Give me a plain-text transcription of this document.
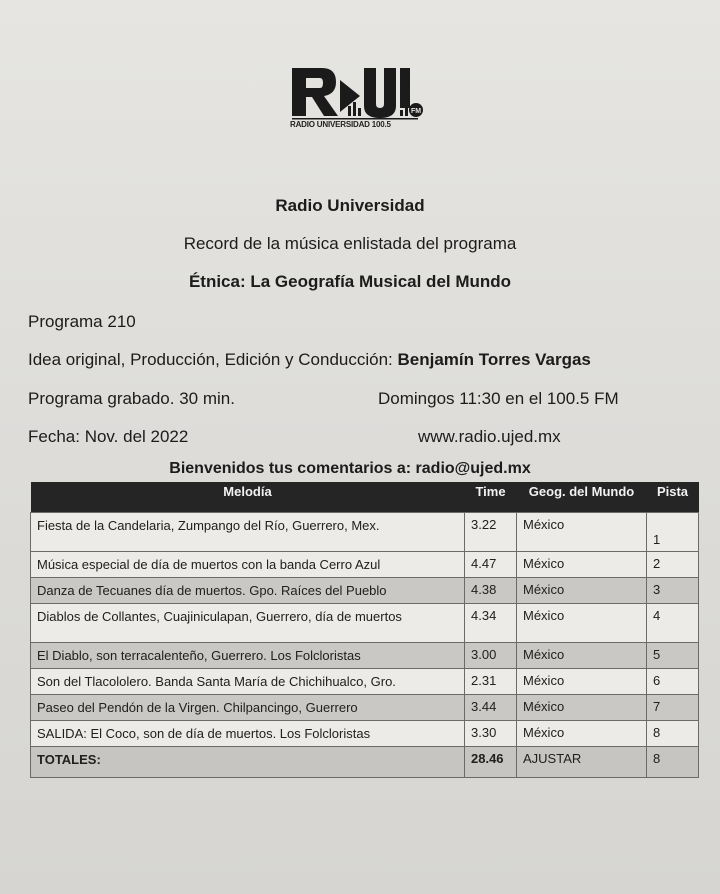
FM
RADIO UNIVERSIDAD 100.5
Radio Universidad
Record de la música enlistada del programa
Étnica: La Geografía Musical del Mundo
Programa 210
Idea original, Producción, Edición y Conducción: Benjamín Torres Vargas
Programa grabado. 30 min.	Domingos 11:30 en el 100.5 FM
Fecha: Nov. del 2022	www.radio.ujed.mx
Bienvenidos tus comentarios a: radio@ujed.mx
Melodía	Time	Geog. del Mundo	Pista
Fiesta de la Candelaria, Zumpango del Río, Guerrero, Mex.	3.22	México	1
Música especial de día de muertos con la banda Cerro Azul	4.47	México	2
Danza de Tecuanes día de muertos. Gpo. Raíces del Pueblo	4.38	México	3
Diablos de Collantes, Cuajiniculapan, Guerrero, día de muertos	4.34	México	4
El Diablo, son terracalenteño, Guerrero. Los Folcloristas	3.00	México	5
Son del Tlacololero. Banda Santa María de Chichihualco, Gro.	2.31	México	6
Paseo del Pendón de la Virgen. Chilpancingo, Guerrero	3.44	México	7
SALIDA: El Coco, son de día de muertos. Los Folcloristas	3.30	México	8
TOTALES:	28.46	AJUSTAR	8
